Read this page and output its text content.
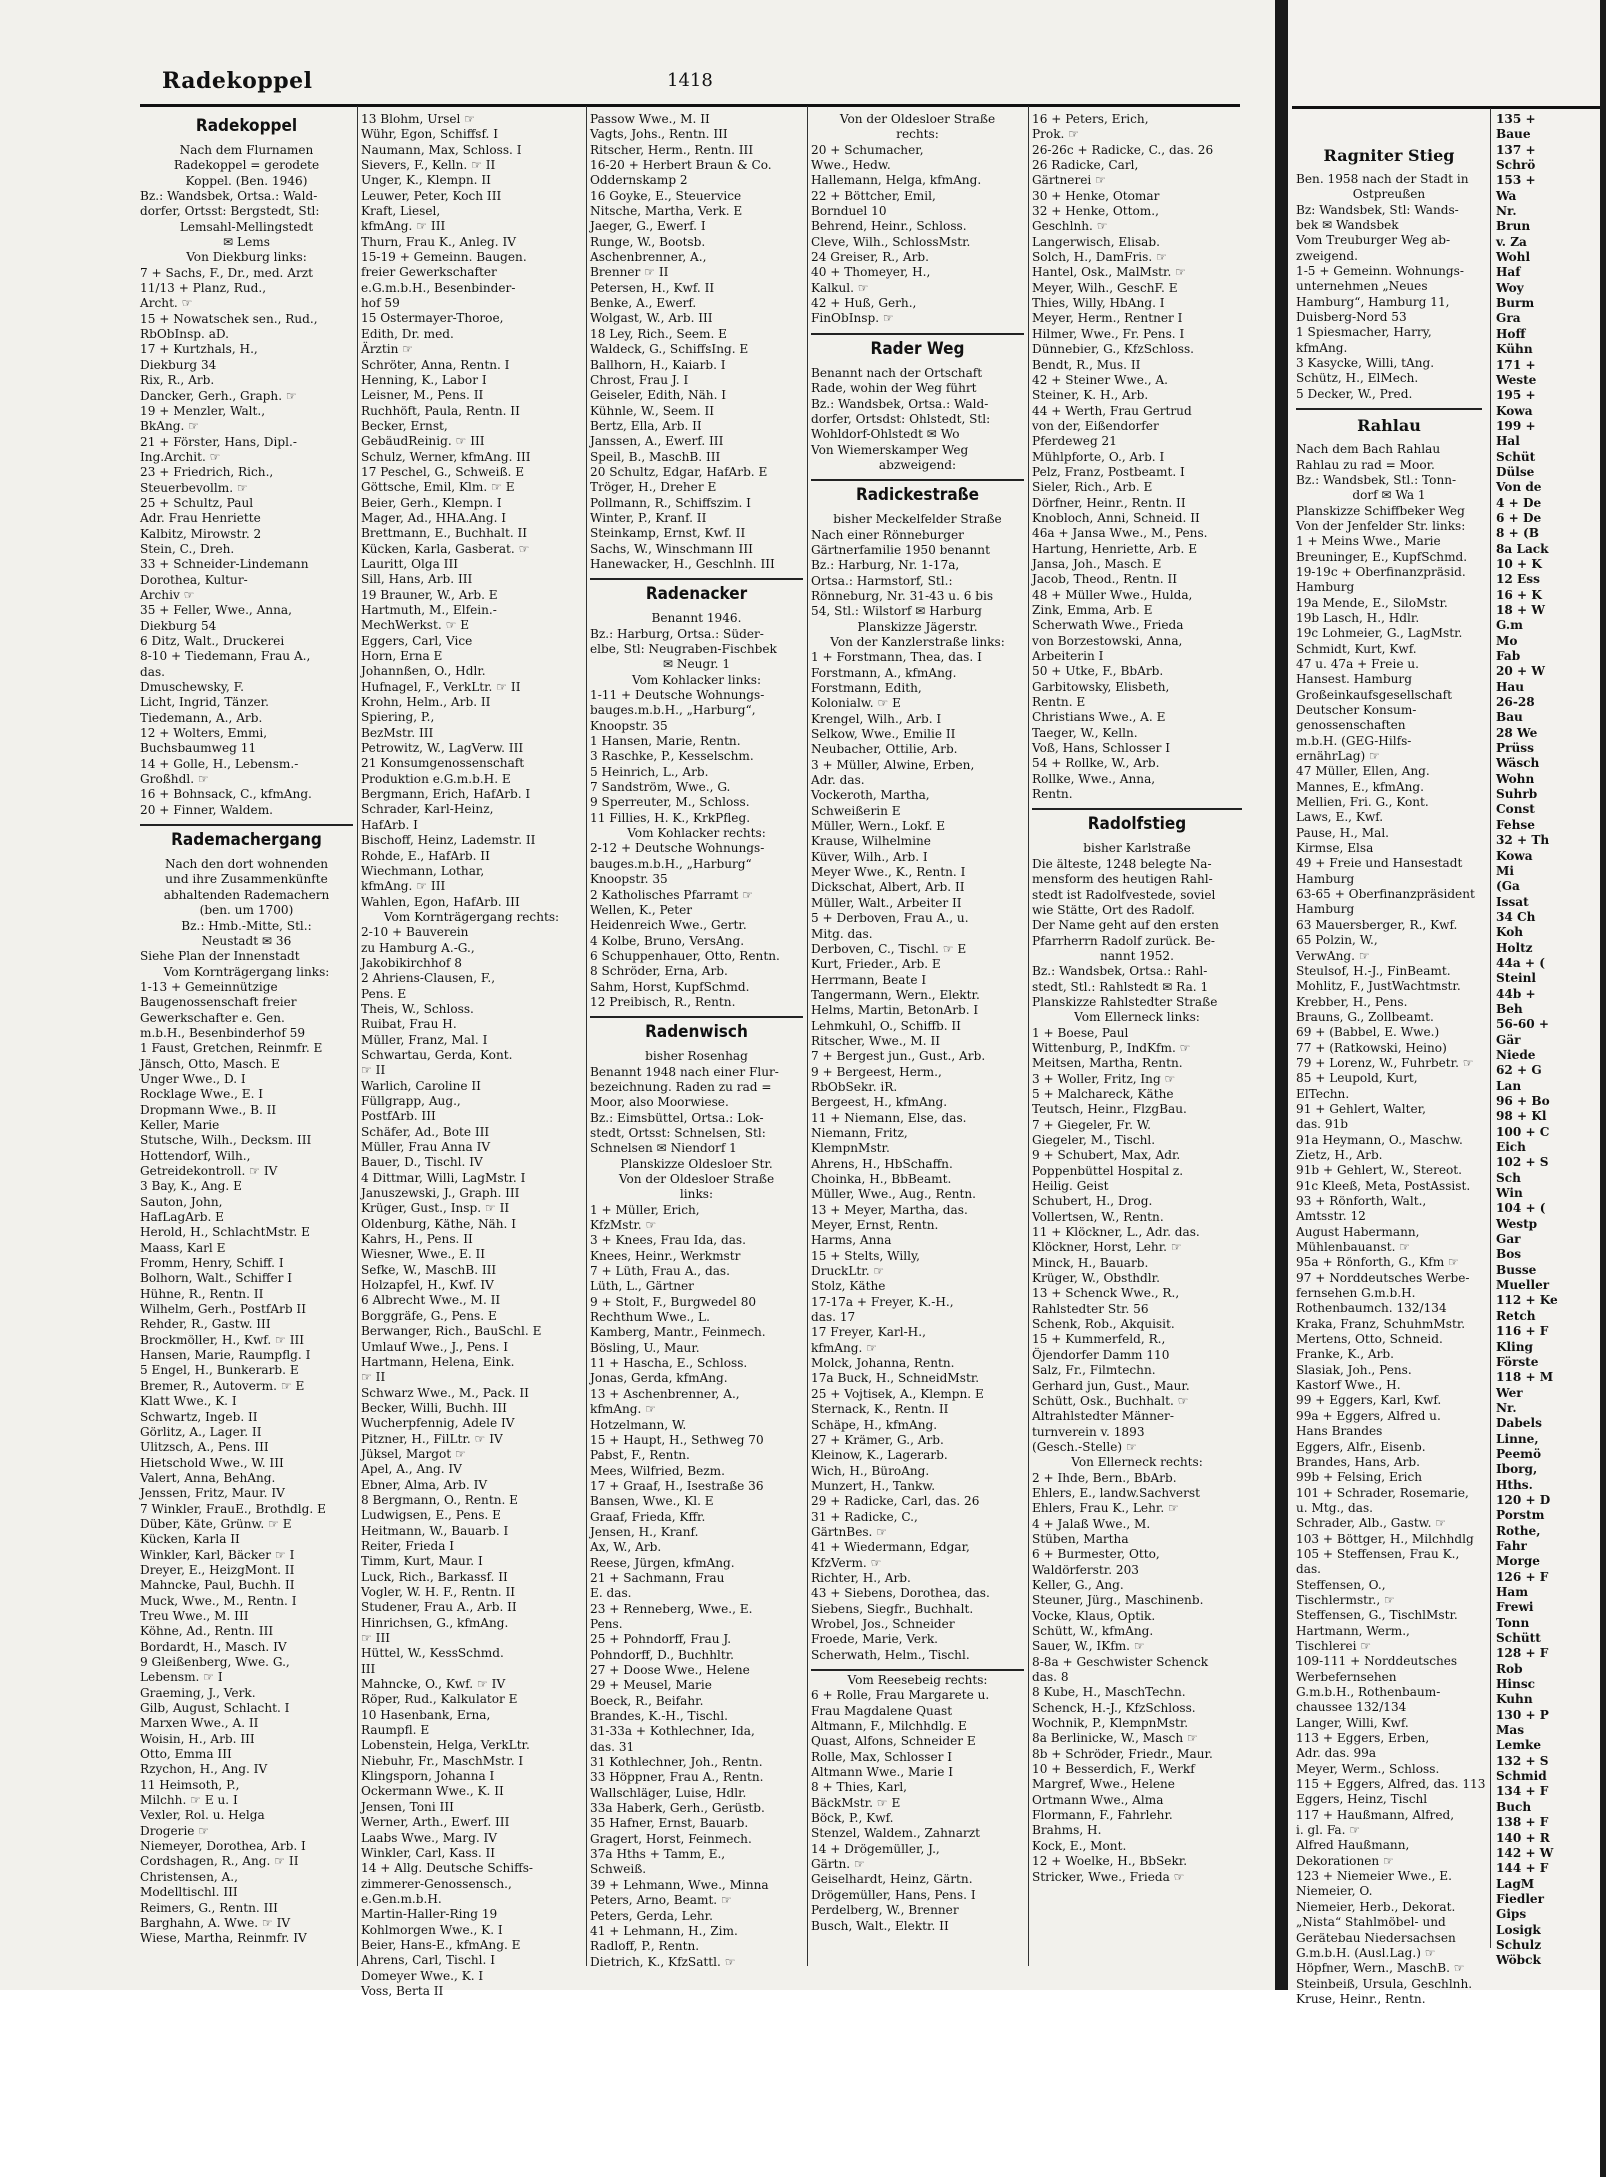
Radekoppel	1418
Radekoppel
Nach dem Flurnamen
Radekoppel = gerodete
Koppel. (Ben. 1946)
Bz.: Wandsbek, Ortsa.: Wald-
dorfer, Ortsst: Bergstedt, Stl:
Lemsahl-Mellingstedt
✉ Lems
Von Diekburg links:
7 + Sachs, F., Dr., med. Arzt
11/13 + Planz, Rud.,
Archt. ☞
15 + Nowatschek sen., Rud.,
RbObInsp. aD.
17 + Kurtzhals, H.,
Diekburg 34
Rix, R., Arb.
Dancker, Gerh., Graph. ☞
19 + Menzler, Walt.,
BkAng. ☞
21 + Förster, Hans, Dipl.-
Ing.Archit. ☞
23 + Friedrich, Rich.,
Steuerbevollm. ☞
25 + Schultz, Paul
Adr. Frau Henriette
Kalbitz, Mirowstr. 2
Stein, C., Dreh.
33 + Schneider-Lindemann
Dorothea, Kultur-
Archiv ☞
35 + Feller, Wwe., Anna,
Diekburg 54
6 Ditz, Walt., Druckerei
8-10 + Tiedemann, Frau A.,
das.
Dmuschewsky, F.
Licht, Ingrid, Tänzer.
Tiedemann, A., Arb.
12 + Wolters, Emmi,
Buchsbaumweg 11
14 + Golle, H., Lebensm.-
Großhdl. ☞
16 + Bohnsack, C., kfmAng.
20 + Finner, Waldem.
Rademachergang
Nach den dort wohnenden
und ihre Zusammenkünfte
abhaltenden Rademachern
(ben. um 1700)
Bz.: Hmb.-Mitte, Stl.:
Neustadt ✉ 36
Siehe Plan der Innenstadt
Vom Kornträgergang links:
1-13 + Gemeinnützige
Baugenossenschaft freier
Gewerkschafter e. Gen.
m.b.H., Besenbinderhof 59
1 Faust, Gretchen, Reinmfr. E
Jänsch, Otto, Masch. E
Unger Wwe., D. I
Rocklage Wwe., E. I
Dropmann Wwe., B. II
Keller, Marie
Stutsche, Wilh., Decksm. III
Hottendorf, Wilh.,
Getreidekontroll. ☞ IV
3 Bay, K., Ang. E
Sauton, John,
HafLagArb. E
Herold, H., SchlachtMstr. E
Maass, Karl E
Fromm, Henry, Schiff. I
Bolhorn, Walt., Schiffer I
Hühne, R., Rentn. II
Wilhelm, Gerh., PostfArb II
Rehder, R., Gastw. III
Brockmöller, H., Kwf. ☞ III
Hansen, Marie, Raumpflg. I
5 Engel, H., Bunkerarb. E
Bremer, R., Autoverm. ☞ E
Klatt Wwe., K. I
Schwartz, Ingeb. II
Görlitz, A., Lager. II
Ulitzsch, A., Pens. III
Hietschold Wwe., W. III
Valert, Anna, BehAng.
Jenssen, Fritz, Maur. IV
7 Winkler, FrauE., Brothdlg. E
Düber, Käte, Grünw. ☞ E
Kücken, Karla II
Winkler, Karl, Bäcker ☞ I
Dreyer, E., HeizgMont. II
Mahncke, Paul, Buchh. II
Muck, Wwe., M., Rentn. I
Treu Wwe., M. III
Köhne, Ad., Rentn. III
Bordardt, H., Masch. IV
9 Gleißenberg, Wwe. G.,
Lebensm. ☞ I
Graeming, J., Verk.
Gilb, August, Schlacht. I
Marxen Wwe., A. II
Woisin, H., Arb. III
Otto, Emma III
Rzychon, H., Ang. IV
11 Heimsoth, P.,
Milchh. ☞ E u. I
Vexler, Rol. u. Helga
Drogerie ☞
Niemeyer, Dorothea, Arb. I
Cordshagen, R., Ang. ☞ II
Christensen, A.,
Modelltischl. III
Reimers, G., Rentn. III
Barghahn, A. Wwe. ☞ IV
Wiese, Martha, Reinmfr. IV
13 Blohm, Ursel ☞
Wühr, Egon, Schiffsf. I
Naumann, Max, Schloss. I
Sievers, F., Kelln. ☞ II
Unger, K., Klempn. II
Leuwer, Peter, Koch III
Kraft, Liesel,
kfmAng. ☞ III
Thurn, Frau K., Anleg. IV
15-19 + Gemeinn. Baugen.
freier Gewerkschafter
e.G.m.b.H., Besenbinder-
hof 59
15 Ostermayer-Thoroe,
Edith, Dr. med.
Ärztin ☞
Schröter, Anna, Rentn. I
Henning, K., Labor I
Leisner, M., Pens. II
Ruchhöft, Paula, Rentn. II
Becker, Ernst,
GebäudReinig. ☞ III
Schulz, Werner, kfmAng. III
17 Peschel, G., Schweiß. E
Göttsche, Emil, Klm. ☞ E
Beier, Gerh., Klempn. I
Mager, Ad., HHA.Ang. I
Brettmann, E., Buchhalt. II
Kücken, Karla, Gasberat. ☞
Lauritt, Olga III
Sill, Hans, Arb. III
19 Brauner, W., Arb. E
Hartmuth, M., Elfein.-
MechWerkst. ☞ E
Eggers, Carl, Vice
Horn, Erna E
Johannßen, O., Hdlr.
Hufnagel, F., VerkLtr. ☞ II
Krohn, Helm., Arb. II
Spiering, P.,
BezMstr. III
Petrowitz, W., LagVerw. III
21 Konsumgenossenschaft
Produktion e.G.m.b.H. E
Bergmann, Erich, HafArb. I
Schrader, Karl-Heinz,
HafArb. I
Bischoff, Heinz, Lademstr. II
Rohde, E., HafArb. II
Wiechmann, Lothar,
kfmAng. ☞ III
Wahlen, Egon, HafArb. III
Vom Kornträgergang rechts:
2-10 + Bauverein
zu Hamburg A.-G.,
Jakobikirchhof 8
2 Ahriens-Clausen, F.,
Pens. E
Theis, W., Schloss.
Ruibat, Frau H.
Müller, Franz, Mal. I
Schwartau, Gerda, Kont.
☞ II
Warlich, Caroline II
Füllgrapp, Aug.,
PostfArb. III
Schäfer, Ad., Bote III
Müller, Frau Anna IV
Bauer, D., Tischl. IV
4 Dittmar, Willi, LagMstr. I
Januszewski, J., Graph. III
Krüger, Gust., Insp. ☞ II
Oldenburg, Käthe, Näh. I
Kahrs, H., Pens. II
Wiesner, Wwe., E. II
Sefke, W., MaschB. III
Holzapfel, H., Kwf. IV
6 Albrecht Wwe., M. II
Borggräfe, G., Pens. E
Berwanger, Rich., BauSchl. E
Umlauf Wwe., J., Pens. I
Hartmann, Helena, Eink.
☞ II
Schwarz Wwe., M., Pack. II
Becker, Willi, Buchh. III
Wucherpfennig, Adele IV
Pitzner, H., FilLtr. ☞ IV
Jüksel, Margot ☞
Apel, A., Ang. IV
Ebner, Alma, Arb. IV
8 Bergmann, O., Rentn. E
Ludwigsen, E., Pens. E
Heitmann, W., Bauarb. I
Reiter, Frieda I
Timm, Kurt, Maur. I
Luck, Rich., Barkassf. II
Vogler, W. H. F., Rentn. II
Studener, Frau A., Arb. II
Hinrichsen, G., kfmAng.
☞ III
Hüttel, W., KessSchmd.
III
Mahncke, O., Kwf. ☞ IV
Röper, Rud., Kalkulator E
10 Hasenbank, Erna,
Raumpfl. E
Lobenstein, Helga, VerkLtr.
Niebuhr, Fr., MaschMstr. I
Klingsporn, Johanna I
Ockermann Wwe., K. II
Jensen, Toni III
Werner, Arth., Ewerf. III
Laabs Wwe., Marg. IV
Winkler, Carl, Kass. II
14 + Allg. Deutsche Schiffs-
zimmerer-Genossensch.,
e.Gen.m.b.H.
Martin-Haller-Ring 19
Kohlmorgen Wwe., K. I
Beier, Hans-E., kfmAng. E
Ahrens, Carl, Tischl. I
Domeyer Wwe., K. I
Voss, Berta II
Passow Wwe., M. II
Vagts, Johs., Rentn. III
Ritscher, Herm., Rentn. III
16-20 + Herbert Braun & Co.
Oddernskamp 2
16 Goyke, E., Steuervice
Nitsche, Martha, Verk. E
Jaeger, G., Ewerf. I
Runge, W., Bootsb.
Aschenbrenner, A.,
Brenner ☞ II
Petersen, H., Kwf. II
Benke, A., Ewerf.
Wolgast, W., Arb. III
18 Ley, Rich., Seem. E
Waldeck, G., SchiffsIng. E
Ballhorn, H., Kaiarb. I
Chrost, Frau J. I
Geiseler, Edith, Näh. I
Kühnle, W., Seem. II
Bertz, Ella, Arb. II
Janssen, A., Ewerf. III
Speil, B., MaschB. III
20 Schultz, Edgar, HafArb. E
Tröger, H., Dreher E
Pollmann, R., Schiffszim. I
Winter, P., Kranf. II
Steinkamp, Ernst, Kwf. II
Sachs, W., Winschmann III
Hanewacker, H., Geschlnh. III
Radenacker
Benannt 1946.
Bz.: Harburg, Ortsa.: Süder-
elbe, Stl: Neugraben-Fischbek
✉ Neugr. 1
Vom Kohlacker links:
1-11 + Deutsche Wohnungs-
bauges.m.b.H., „Harburg“,
Knoopstr. 35
1 Hansen, Marie, Rentn.
3 Raschke, P., Kesselschm.
5 Heinrich, L., Arb.
7 Sandström, Wwe., G.
9 Sperreuter, M., Schloss.
11 Fillies, H. K., KrkPfleg.
Vom Kohlacker rechts:
2-12 + Deutsche Wohnungs-
bauges.m.b.H., „Harburg“
Knoopstr. 35
2 Katholisches Pfarramt ☞
Wellen, K., Peter
Heidenreich Wwe., Gertr.
4 Kolbe, Bruno, VersAng.
6 Schuppenhauer, Otto, Rentn.
8 Schröder, Erna, Arb.
Sahm, Horst, KupfSchmd.
12 Preibisch, R., Rentn.
Radenwisch
bisher Rosenhag
Benannt 1948 nach einer Flur-
bezeichnung. Raden zu rad =
Moor, also Moorwiese.
Bz.: Eimsbüttel, Ortsa.: Lok-
stedt, Ortsst: Schnelsen, Stl:
Schnelsen ✉ Niendorf 1
Planskizze Oldesloer Str.
Von der Oldesloer Straße
links:
1 + Müller, Erich,
KfzMstr. ☞
3 + Knees, Frau Ida, das.
Knees, Heinr., Werkmstr
7 + Lüth, Frau A., das.
Lüth, L., Gärtner
9 + Stolt, F., Burgwedel 80
Rechthum Wwe., L.
Kamberg, Mantr., Feinmech.
Bösling, U., Maur.
11 + Hascha, E., Schloss.
Jonas, Gerda, kfmAng.
13 + Aschenbrenner, A.,
kfmAng. ☞
Hotzelmann, W.
15 + Haupt, H., Sethweg 70
Pabst, F., Rentn.
Mees, Wilfried, Bezm.
17 + Graaf, H., Isestraße 36
Bansen, Wwe., Kl. E
Graaf, Frieda, Kffr.
Jensen, H., Kranf.
Ax, W., Arb.
Reese, Jürgen, kfmAng.
21 + Sachmann, Frau
E. das.
23 + Renneberg, Wwe., E.
Pens.
25 + Pohndorff, Frau J.
Pohndorff, D., Buchhltr.
27 + Doose Wwe., Helene
29 + Meusel, Marie
Boeck, R., Beifahr.
Brandes, K.-H., Tischl.
31-33a + Kothlechner, Ida,
das. 31
31 Kothlechner, Joh., Rentn.
33 Höppner, Frau A., Rentn.
Wallschläger, Luise, Hdlr.
33a Haberk, Gerh., Gerüstb.
35 Hafner, Ernst, Bauarb.
Gragert, Horst, Feinmech.
37a Hths + Tamm, E.,
Schweiß.
39 + Lehmann, Wwe., Minna
Peters, Arno, Beamt. ☞
Peters, Gerda, Lehr.
41 + Lehmann, H., Zim.
Radloff, P., Rentn.
Dietrich, K., KfzSattl. ☞
Von der Oldesloer Straße
rechts:
20 + Schumacher,
Wwe., Hedw.
Hallemann, Helga, kfmAng.
22 + Böttcher, Emil,
Bornduel 10
Behrend, Heinr., Schloss.
Cleve, Wilh., SchlossMstr.
24 Greiser, R., Arb.
40 + Thomeyer, H.,
Kalkul. ☞
42 + Huß, Gerh.,
FinObInsp. ☞
Rader Weg
Benannt nach der Ortschaft
Rade, wohin der Weg führt
Bz.: Wandsbek, Ortsa.: Wald-
dorfer, Ortsdst: Ohlstedt, Stl:
Wohldorf-Ohlstedt ✉ Wo
Von Wiemerskamper Weg
abzweigend:
Radickestraße
bisher Meckelfelder Straße
Nach einer Rönneburger
Gärtnerfamilie 1950 benannt
Bz.: Harburg, Nr. 1-17a,
Ortsa.: Harmstorf, Stl.:
Rönneburg, Nr. 31-43 u. 6 bis
54, Stl.: Wilstorf ✉ Harburg
Planskizze Jägerstr.
Von der Kanzlerstraße links:
1 + Forstmann, Thea, das. I
Forstmann, A., kfmAng.
Forstmann, Edith,
Kolonialw. ☞ E
Krengel, Wilh., Arb. I
Selkow, Wwe., Emilie II
Neubacher, Ottilie, Arb.
3 + Müller, Alwine, Erben,
Adr. das.
Vockeroth, Martha,
Schweißerin E
Müller, Wern., Lokf. E
Krause, Wilhelmine
Küver, Wilh., Arb. I
Meyer Wwe., K., Rentn. I
Dickschat, Albert, Arb. II
Müller, Walt., Arbeiter II
5 + Derboven, Frau A., u.
Mitg. das.
Derboven, C., Tischl. ☞ E
Kurt, Frieder., Arb. E
Herrmann, Beate I
Tangermann, Wern., Elektr.
Helms, Martin, BetonArb. I
Lehmkuhl, O., Schiffb. II
Ritscher, Wwe., M. II
7 + Bergest jun., Gust., Arb.
9 + Bergeest, Herm.,
RbObSekr. iR.
Bergeest, H., kfmAng.
11 + Niemann, Else, das.
Niemann, Fritz,
KlempnMstr.
Ahrens, H., HbSchaffn.
Choinka, H., BbBeamt.
Müller, Wwe., Aug., Rentn.
13 + Meyer, Martha, das.
Meyer, Ernst, Rentn.
Harms, Anna
15 + Stelts, Willy,
DruckLtr. ☞
Stolz, Käthe
17-17a + Freyer, K.-H.,
das. 17
17 Freyer, Karl-H.,
kfmAng. ☞
Molck, Johanna, Rentn.
17a Buck, H., SchneidMstr.
25 + Vojtisek, A., Klempn. E
Sternack, K., Rentn. II
Schäpe, H., kfmAng.
27 + Krämer, G., Arb.
Kleinow, K., Lagerarb.
Wich, H., BüroAng.
Munzert, H., Tankw.
29 + Radicke, Carl, das. 26
31 + Radicke, C.,
GärtnBes. ☞
41 + Wiedermann, Edgar,
KfzVerm. ☞
Richter, H., Arb.
43 + Siebens, Dorothea, das.
Siebens, Siegfr., Buchhalt.
Wrobel, Jos., Schneider
Froede, Marie, Verk.
Scherwath, Helm., Tischl.
Vom Reesebeig rechts:
6 + Rolle, Frau Margarete u.
Frau Magdalene Quast
Altmann, F., Milchhdlg. E
Quast, Alfons, Schneider E
Rolle, Max, Schlosser I
Altmann Wwe., Marie I
8 + Thies, Karl,
BäckMstr. ☞ E
Böck, P., Kwf.
Stenzel, Waldem., Zahnarzt
14 + Drögemüller, J.,
Gärtn. ☞
Geiselhardt, Heinz, Gärtn.
Drögemüller, Hans, Pens. I
Perdelberg, W., Brenner
Busch, Walt., Elektr. II
16 + Peters, Erich,
Prok. ☞
26-26c + Radicke, C., das. 26
26 Radicke, Carl,
Gärtnerei ☞
30 + Henke, Otomar
32 + Henke, Ottom.,
Geschlnh. ☞
Langerwisch, Elisab.
Solch, H., DamFris. ☞
Hantel, Osk., MalMstr. ☞
Meyer, Wilh., GeschF. E
Thies, Willy, HbAng. I
Meyer, Herm., Rentner I
Hilmer, Wwe., Fr. Pens. I
Dünnebier, G., KfzSchloss.
Bendt, R., Mus. II
42 + Steiner Wwe., A.
Steiner, K. H., Arb.
44 + Werth, Frau Gertrud
von der, Eißendorfer
Pferdeweg 21
Mühlpforte, O., Arb. I
Pelz, Franz, Postbeamt. I
Sieler, Rich., Arb. E
Dörfner, Heinr., Rentn. II
Knobloch, Anni, Schneid. II
46a + Jansa Wwe., M., Pens.
Hartung, Henriette, Arb. E
Jansa, Joh., Masch. E
Jacob, Theod., Rentn. II
48 + Müller Wwe., Hulda,
Zink, Emma, Arb. E
Scherwath Wwe., Frieda
von Borzestowski, Anna,
Arbeiterin I
50 + Utke, F., BbArb.
Garbitowsky, Elisbeth,
Rentn. E
Christians Wwe., A. E
Taeger, W., Kelln.
Voß, Hans, Schlosser I
54 + Rollke, W., Arb.
Rollke, Wwe., Anna,
Rentn.
Radolfstieg
bisher Karlstraße
Die älteste, 1248 belegte Na-
mensform des heutigen Rahl-
stedt ist Radolfvestede, soviel
wie Stätte, Ort des Radolf.
Der Name geht auf den ersten
Pfarrherrn Radolf zurück. Be-
nannt 1952.
Bz.: Wandsbek, Ortsa.: Rahl-
stedt, Stl.: Rahlstedt ✉ Ra. 1
Planskizze Rahlstedter Straße
Vom Ellerneck links:
1 + Boese, Paul
Wittenburg, P., IndKfm. ☞
Meitsen, Martha, Rentn.
3 + Woller, Fritz, Ing ☞
5 + Malchareck, Käthe
Teutsch, Heinr., FlzgBau.
7 + Giegeler, Fr. W.
Giegeler, M., Tischl.
9 + Schubert, Max, Adr.
Poppenbüttel Hospital z.
Heilig. Geist
Schubert, H., Drog.
Vollertsen, W., Rentn.
11 + Klöckner, L., Adr. das.
Klöckner, Horst, Lehr. ☞
Minck, H., Bauarb.
Krüger, W., Obsthdlr.
13 + Schenck Wwe., R.,
Rahlstedter Str. 56
Schenk, Rob., Akquisit.
15 + Kummerfeld, R.,
Öjendorfer Damm 110
Salz, Fr., Filmtechn.
Gerhard jun, Gust., Maur.
Schütt, Osk., Buchhalt. ☞
Altrahlstedter Männer-
turnverein v. 1893
(Gesch.-Stelle) ☞
Von Ellerneck rechts:
2 + Ihde, Bern., BbArb.
Ehlers, E., landw.Sachverst
Ehlers, Frau K., Lehr. ☞
4 + Jalaß Wwe., M.
Stüben, Martha
6 + Burmester, Otto,
Waldörferstr. 203
Keller, G., Ang.
Steuner, Jürg., Maschinenb.
Vocke, Klaus, Optik.
Schütt, W., kfmAng.
Sauer, W., IKfm. ☞
8-8a + Geschwister Schenck
das. 8
8 Kube, H., MaschTechn.
Schenck, H.-J., KfzSchloss.
Wochnik, P., KlempnMstr.
8a Berlinicke, W., Masch ☞
8b + Schröder, Friedr., Maur.
10 + Besserdich, F., Werkf
Margref, Wwe., Helene
Ortmann Wwe., Alma
Flormann, F., Fahrlehr.
Brahms, H.
Kock, E., Mont.
12 + Woelke, H., BbSekr.
Stricker, Wwe., Frieda ☞
Ragniter Stieg
Ben. 1958 nach der Stadt in
Ostpreußen
Bz: Wandsbek, Stl: Wands-
bek ✉ Wandsbek
Vom Treuburger Weg ab-
zweigend.
1-5 + Gemeinn. Wohnungs-
unternehmen „Neues
Hamburg“, Hamburg 11,
Duisberg-Nord 53
1 Spiesmacher, Harry,
kfmAng.
3 Kasycke, Willi, tAng.
Schütz, H., ElMech.
5 Decker, W., Pred.
Rahlau
Nach dem Bach Rahlau
Rahlau zu rad = Moor.
Bz.: Wandsbek, Stl.: Tonn-
dorf ✉ Wa 1
Planskizze Schiffbeker Weg
Von der Jenfelder Str. links:
1 + Meins Wwe., Marie
Breuninger, E., KupfSchmd.
19-19c + Oberfinanzpräsid.
Hamburg
19a Mende, E., SiloMstr.
19b Lasch, H., Hdlr.
19c Lohmeier, G., LagMstr.
Schmidt, Kurt, Kwf.
47 u. 47a + Freie u.
Hansest. Hamburg
Großeinkaufsgesellschaft
Deutscher Konsum-
genossenschaften
m.b.H. (GEG-Hilfs-
ernährLag) ☞
47 Müller, Ellen, Ang.
Mannes, E., kfmAng.
Mellien, Fri. G., Kont.
Laws, E., Kwf.
Pause, H., Mal.
Kirmse, Elsa
49 + Freie und Hansestadt
Hamburg
63-65 + Oberfinanzpräsident
Hamburg
63 Mauersberger, R., Kwf.
65 Polzin, W.,
VerwAng. ☞
Steulsof, H.-J., FinBeamt.
Mohlitz, F., JustWachtmstr.
Krebber, H., Pens.
Brauns, G., Zollbeamt.
69 + (Babbel, E. Wwe.)
77 + (Ratkowski, Heino)
79 + Lorenz, W., Fuhrbetr. ☞
85 + Leupold, Kurt,
ElTechn.
91 + Gehlert, Walter,
das. 91b
91a Heymann, O., Maschw.
Zietz, H., Arb.
91b + Gehlert, W., Stereot.
91c Kleeß, Meta, PostAssist.
93 + Rönforth, Walt.,
Amtsstr. 12
August Habermann,
Mühlenbauanst. ☞
95a + Rönforth, G., Kfm ☞
97 + Norddeutsches Werbe-
fernsehen G.m.b.H.
Rothenbaumch. 132/134
Kraka, Franz, SchuhmMstr.
Mertens, Otto, Schneid.
Franke, K., Arb.
Slasiak, Joh., Pens.
Kastorf Wwe., H.
99 + Eggers, Karl, Kwf.
99a + Eggers, Alfred u.
Hans Brandes
Eggers, Alfr., Eisenb.
Brandes, Hans, Arb.
99b + Felsing, Erich
101 + Schrader, Rosemarie,
u. Mtg., das.
Schrader, Alb., Gastw. ☞
103 + Böttger, H., Milchhdlg
105 + Steffensen, Frau K.,
das.
Steffensen, O.,
Tischlermstr., ☞
Steffensen, G., TischlMstr.
Hartmann, Werm.,
Tischlerei ☞
109-111 + Norddeutsches
Werbefernsehen
G.m.b.H., Rothenbaum-
chaussee 132/134
Langer, Willi, Kwf.
113 + Eggers, Erben,
Adr. das. 99a
Meyer, Werm., Schloss.
115 + Eggers, Alfred, das. 113
Eggers, Heinz, Tischl
117 + Haußmann, Alfred,
i. gl. Fa. ☞
Alfred Haußmann,
Dekorationen ☞
123 + Niemeier Wwe., E.
Niemeier, O.
Niemeier, Herb., Dekorat.
„Nista“ Stahlmöbel- und
Gerätebau Niedersachsen
G.m.b.H. (Ausl.Lag.) ☞
Höpfner, Wern., MaschB. ☞
Steinbeiß, Ursula, Geschlnh.
Kruse, Heinr., Rentn.
135 +
Baue
137 +
Schrö
153 +
Wa
Nr.
Brun
v. Za
Wohl
Haf
Woy
Burm
Gra
Hoff
Kühn
171 +
Weste
195 +
Kowa
199 +
Hal
Schüt
Dülse
Von de
4 + De
6 + De
8 + (B
8a Lack
10 + K
12 Ess
16 + K
18 + W
G.m
Mo
Fab
20 + W
Hau
26-28
Bau
28 We
Prüss
Wäsch
Wohn
Suhrb
Const
Fehse
32 + Th
Kowa
Mi
(Ga
Issat
34 Ch
Koh
Holtz
44a + (
Steinl
44b +
Beh
56-60 +
Gär
Niede
62 + G
Lan
96 + Bo
98 + Kl
100 + C
Eich
102 + S
Sch
Win
104 + (
Westp
Gar
Bos
Busse
Mueller
112 + Ke
Retch
116 + F
Kling
Förste
118 + M
Wer
Nr.
Dabels
Linne,
Peemö
Iborg,
Hths.
120 + D
Porstm
Rothe,
Fahr
Morge
126 + F
Ham
Frewi
Tonn
Schütt
128 + F
Rob
Hinsc
Kuhn
130 + P
Mas
Lemke
132 + S
Schmid
134 + F
Buch
138 + F
140 + R
142 + W
144 + F
LagM
Fiedler
Gips
Losigk
Schulz
Wöbck
